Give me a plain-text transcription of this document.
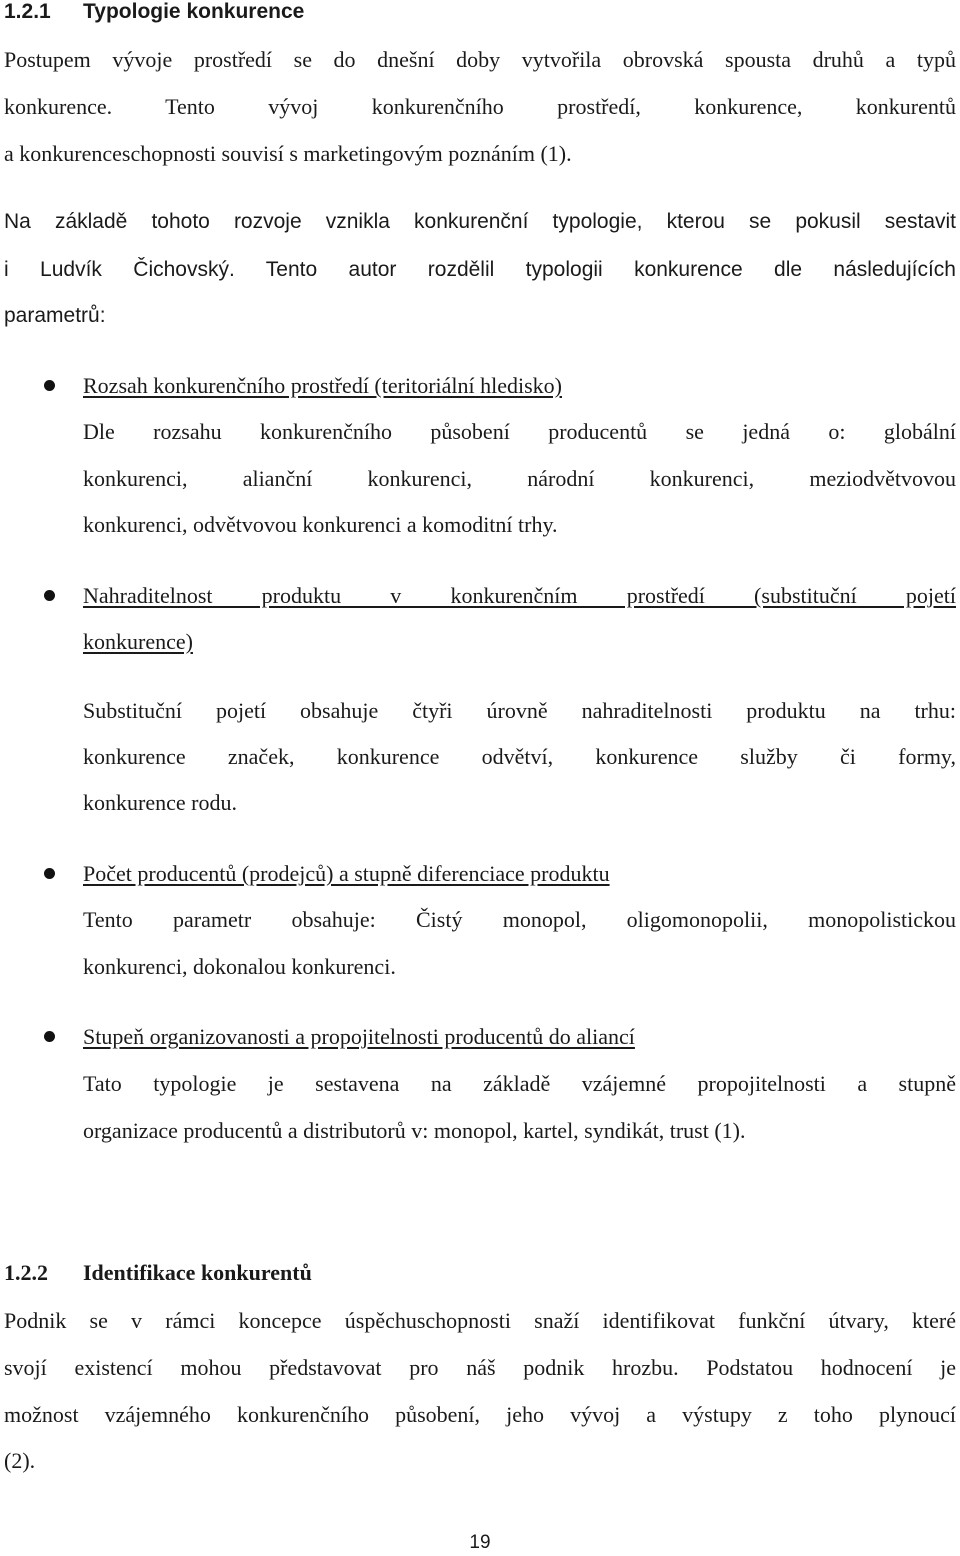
1.2.1 Typologie konkurence
Postupem vývoje prostředí se do dnešní doby vytvořila obrovská spousta druhů a typů
konkurence. Tento vývoj konkurenčního prostředí, konkurence, konkurentů
a konkurenceschopnosti souvisí s marketingovým poznáním (1).
Na základě tohoto rozvoje vznikla konkurenční typologie, kterou se pokusil sestavit
i Ludvík Čichovský. Tento autor rozdělil typologii konkurence dle následujících
parametrů:
Rozsah konkurenčního prostředí (teritoriální hledisko)
Dle rozsahu konkurenčního působení producentů se jedná o: globální
konkurenci, alianční konkurenci, národní konkurenci, meziodvětvovou
konkurenci, odvětvovou konkurenci a komoditní trhy.
Nahraditelnost produktu v konkurenčním prostředí (substituční pojetí
konkurence)
Substituční pojetí obsahuje čtyři úrovně nahraditelnosti produktu na trhu:
konkurence značek, konkurence odvětví, konkurence služby či formy,
konkurence rodu.
Počet producentů (prodejců) a stupně diferenciace produktu
Tento parametr obsahuje: Čistý monopol, oligomonopolii, monopolistickou
konkurenci, dokonalou konkurenci.
Stupeň organizovanosti a propojitelnosti producentů do aliancí
Tato typologie je sestavena na základě vzájemné propojitelnosti a stupně
organizace producentů a distributorů v: monopol, kartel, syndikát, trust (1).
1.2.2 Identifikace konkurentů
Podnik se v rámci koncepce úspěchuschopnosti snaží identifikovat funkční útvary, které
svojí existencí mohou představovat pro náš podnik hrozbu. Podstatou hodnocení je
možnost vzájemného konkurenčního působení, jeho vývoj a výstupy z toho plynoucí
(2).
19
